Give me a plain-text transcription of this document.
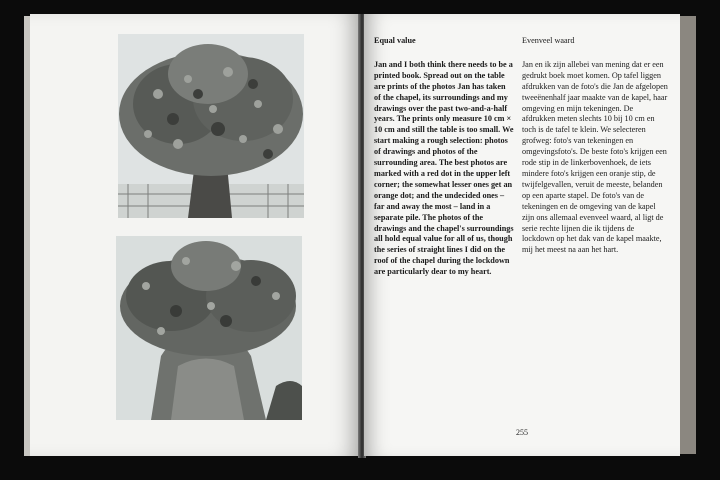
Equal value

Jan and I both think there needs to be a printed book. Spread out on the table are prints of the photos Jan has taken of the chapel, its surroundings and my drawings over the past two-and-a-half years. The prints only measure 10 cm × 10 cm and still the table is too small. We start making a rough selection: photos of drawings and photos of the surrounding area. The best photos are marked with a red dot in the upper left corner; the somewhat lesser ones get an orange dot; and the undecided ones – far and away the most – land in a separate pile. The photos of the drawings and the chapel's surroundings all hold equal value for all of us, though the series of straight lines I did on the roof of the chapel during the lockdown are particularly dear to my heart.

Evenveel waard

Jan en ik zijn allebei van mening dat er een gedrukt boek moet komen. Op tafel liggen afdrukken van de foto's die Jan de afgelopen tweeënenhalf jaar maakte van de kapel, haar omgeving en mijn tekeningen. De afdrukken meten slechts 10 bij 10 cm en toch is de tafel te klein. We selecteren grofweg: foto's van tekeningen en omgevingsfoto's. De beste foto's krijgen een rode stip in de linkerbovenhoek, de iets mindere foto's krijgen een oranje stip, de twijfelgevallen, veruit de meeste, belanden op een aparte stapel. De foto's van de tekeningen en de omgeving van de kapel zijn ons allemaal evenveel waard, al ligt de serie rechte lijnen die ik tijdens de lockdown op het dak van de kapel maakte, mij het meest na aan het hart.

255
